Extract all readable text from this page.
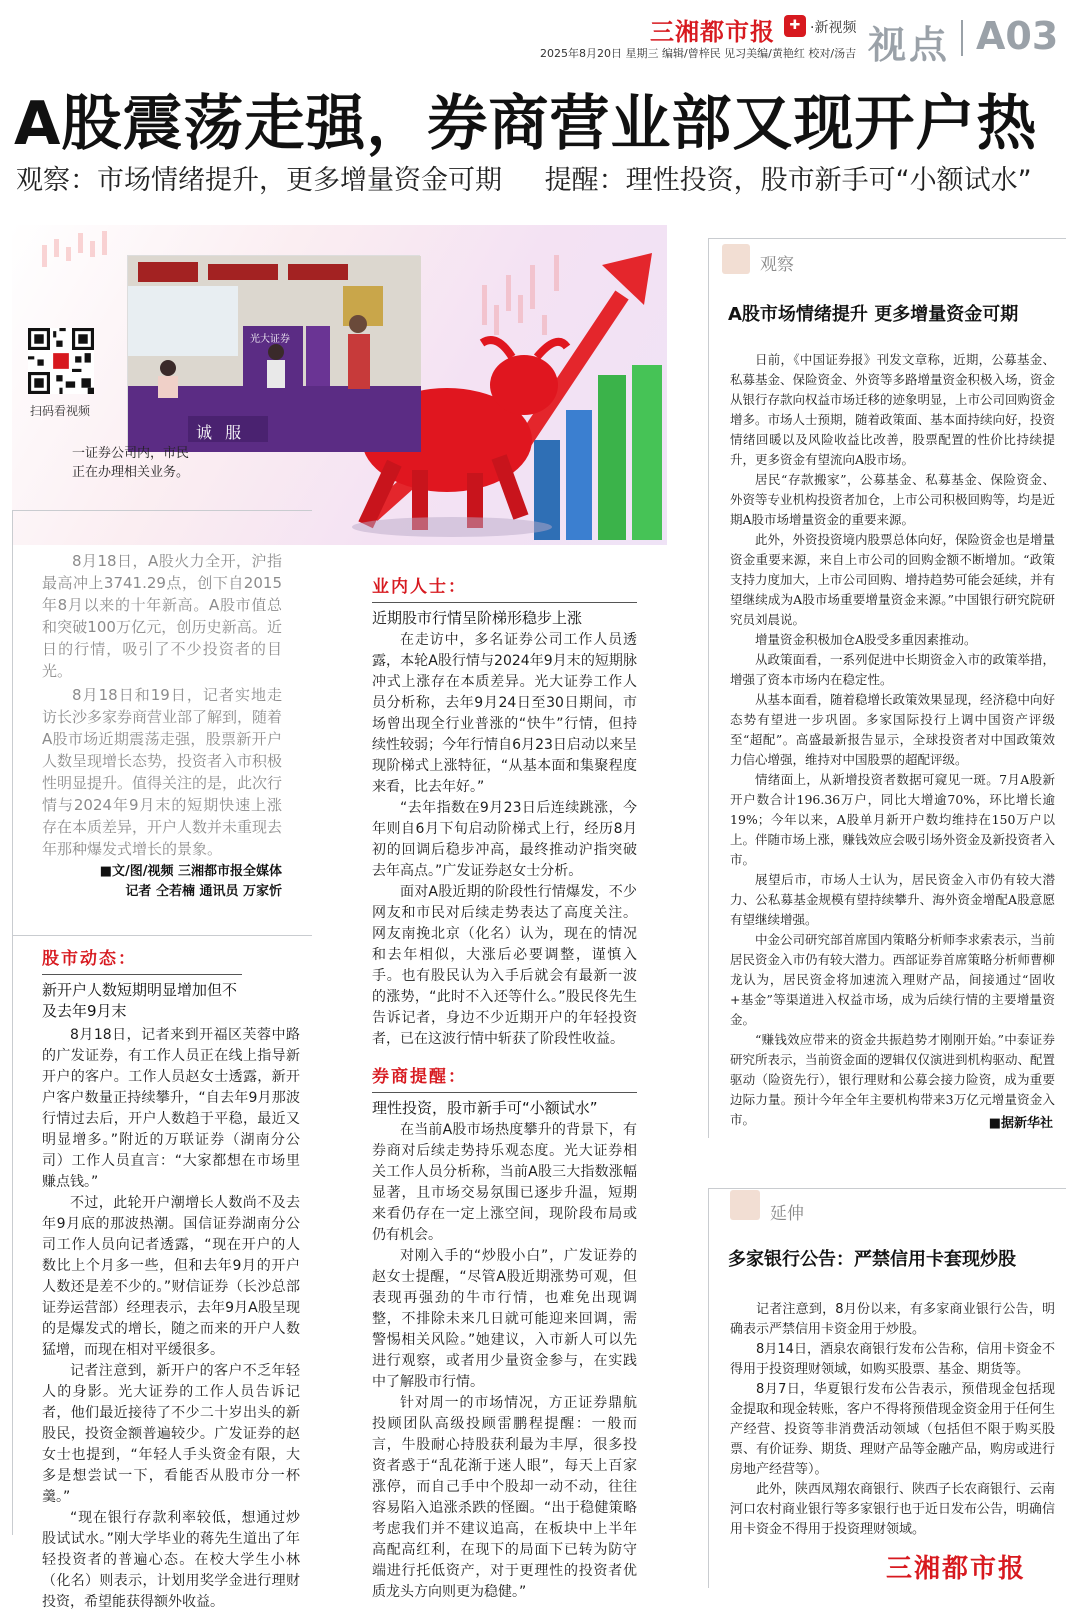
三湘都市报	✚ ·新视频
2025年8月20日 星期三 编辑/曾梓民 见习美编/黄艳红 校对/汤吉 视点 A03
A股震荡走强，券商营业部又现开户热
观察：市场情绪提升，更多增量资金可期 提醒：理性投资，股市新手可“小额试水”
光大证券
诚 服
扫码看视频
一证券公司内，市民正在办理相关业务。

8月18日，A股火力全开，沪指最高冲上3741.29点，创下自2015年8月以来的十年新高。A股市值总和突破100万亿元，创历史新高。近日的行情，吸引了不少投资者的目光。

8月18日和19日，记者实地走访长沙多家券商营业部了解到，随着A股市场近期震荡走强，股票新开户人数呈现增长态势，投资者入市积极性明显提升。值得关注的是，此次行情与2024年9月末的短期快速上涨存在本质差异，开户人数并未重现去年那种爆发式增长的景象。

■文/图/视频 三湘都市报全媒体

记者 仝若楠 通讯员 万家忻

股市动态：
新开户人数短期明显增加但不及去年9月末

8月18日，记者来到开福区芙蓉中路的广发证券，有工作人员正在线上指导新开户的客户。工作人员赵女士透露，新开户客户数量正持续攀升，“自去年9月那波行情过去后，开户人数趋于平稳，最近又明显增多。”附近的万联证券（湖南分公司）工作人员直言：“大家都想在市场里赚点钱。”

不过，此轮开户潮增长人数尚不及去年9月底的那波热潮。国信证券湖南分公司工作人员向记者透露，“现在开户的人数比上个月多一些，但和去年9月的开户人数还是差不少的。”财信证券（长沙总部证券运营部）经理表示，去年9月A股呈现的是爆发式的增长，随之而来的开户人数猛增，而现在相对平缓很多。

记者注意到，新开户的客户不乏年轻人的身影。光大证券的工作人员告诉记者，他们最近接待了不少二十岁出头的新股民，投资金额普遍较少。广发证券的赵女士也提到，“年轻人手头资金有限，大多是想尝试一下，看能否从股市分一杯羹。”

“现在银行存款利率较低，想通过炒股试试水。”刚大学毕业的蒋先生道出了年轻投资者的普遍心态。在校大学生小林（化名）则表示，计划用奖学金进行理财投资，希望能获得额外收益。

业内人士：
近期股市行情呈阶梯形稳步上涨

在走访中，多名证券公司工作人员透露，本轮A股行情与2024年9月末的短期脉冲式上涨存在本质差异。光大证券工作人员分析称，去年9月24日至30日期间，市场曾出现全行业普涨的“快牛”行情，但持续性较弱；今年行情自6月23日启动以来呈现阶梯式上涨特征，“从基本面和集聚程度来看，比去年好。”

“去年指数在9月23日后连续跳涨，今年则自6月下旬启动阶梯式上行，经历8月初的回调后稳步冲高，最终推动沪指突破去年高点。”广发证券赵女士分析。

面对A股近期的阶段性行情爆发，不少网友和市民对后续走势表达了高度关注。网友南挽北京（化名）认为，现在的情况和去年相似，大涨后必要调整，谨慎入手。也有股民认为入手后就会有最新一波的涨势，“此时不入还等什么。”股民佟先生告诉记者，身边不少近期开户的年轻投资者，已在这波行情中斩获了阶段性收益。

券商提醒：
理性投资，股市新手可“小额试水”

在当前A股市场热度攀升的背景下，有券商对后续走势持乐观态度。光大证券相关工作人员分析称，当前A股三大指数涨幅显著，且市场交易氛围已逐步升温，短期来看仍存在一定上涨空间，现阶段布局或仍有机会。

对刚入手的“炒股小白”，广发证券的赵女士提醒，“尽管A股近期涨势可观，但表现再强劲的牛市行情，也难免出现调整，不排除未来几日就可能迎来回调，需警惕相关风险。”她建议，入市新人可以先进行观察，或者用少量资金参与，在实践中了解股市行情。

针对周一的市场情况，方正证券鼎航投顾团队高级投顾雷鹏程提醒：一般而言，牛股耐心持股获利最为丰厚，很多投资者惑于“乱花渐于迷人眼”，每天上百家涨停，而自己手中个股却一动不动，往往容易陷入追涨杀跌的怪圈。“出于稳健策略考虑我们并不建议追高，在板块中上半年高配高红利，在现下的局面下已转为防守端进行托低资产，对于更理性的投资者优质龙头方向则更为稳健。”

观察
A股市场情绪提升 更多增量资金可期

日前，《中国证券报》刊发文章称，近期，公募基金、私募基金、保险资金、外资等多路增量资金积极入场，资金从银行存款向权益市场迁移的迹象明显，上市公司回购资金增多。市场人士预期，随着政策面、基本面持续向好，投资情绪回暖以及风险收益比改善，股票配置的性价比持续提升，更多资金有望流向A股市场。

居民“存款搬家”，公募基金、私募基金、保险资金、外资等专业机构投资者加仓，上市公司积极回购等，均是近期A股市场增量资金的重要来源。

此外，外资投资境内股票总体向好，保险资金也是增量资金重要来源，来自上市公司的回购金额不断增加。“政策支持力度加大，上市公司回购、增持趋势可能会延续，并有望继续成为A股市场重要增量资金来源。”中国银行研究院研究员刘晨说。

增量资金积极加仓A股受多重因素推动。

从政策面看，一系列促进中长期资金入市的政策举措，增强了资本市场内在稳定性。

从基本面看，随着稳增长政策效果显现，经济稳中向好态势有望进一步巩固。多家国际投行上调中国资产评级至“超配”。高盛最新报告显示，全球投资者对中国政策效力信心增强，维持对中国股票的超配评级。

情绪面上，从新增投资者数据可窥见一斑。7月A股新开户数合计196.36万户，同比大增逾70%，环比增长逾19%；今年以来，A股单月新开户数均维持在150万户以上。伴随市场上涨，赚钱效应会吸引场外资金及新投资者入市。

展望后市，市场人士认为，居民资金入市仍有较大潜力、公私募基金规模有望持续攀升、海外资金增配A股意愿有望继续增强。

中金公司研究部首席国内策略分析师李求索表示，当前居民资金入市仍有较大潜力。西部证券首席策略分析师曹柳龙认为，居民资金将加速流入理财产品，间接通过“固收+基金”等渠道进入权益市场，成为后续行情的主要增量资金。

“赚钱效应带来的资金共振趋势才刚刚开始。”中泰证券研究所表示，当前资金面的逻辑仅仅演进到机构驱动、配置驱动（险资先行），银行理财和公募会接力险资，成为重要边际力量。预计今年全年主要机构带来3万亿元增量资金入市。	■据新华社
延伸
多家银行公告：严禁信用卡套现炒股

记者注意到，8月份以来，有多家商业银行公告，明确表示严禁信用卡资金用于炒股。

8月14日，酒泉农商银行发布公告称，信用卡资金不得用于投资理财领域，如购买股票、基金、期货等。

8月7日，华夏银行发布公告表示，预借现金包括现金提取和现金转账，客户不得将预借现金资金用于任何生产经营、投资等非消费活动领域（包括但不限于购买股票、有价证券、期货、理财产品等金融产品，购房或进行房地产经营等）。

此外，陕西凤翔农商银行、陕西子长农商银行、云南河口农村商业银行等多家银行也于近日发布公告，明确信用卡资金不得用于投资理财领域。

三湘都市报
